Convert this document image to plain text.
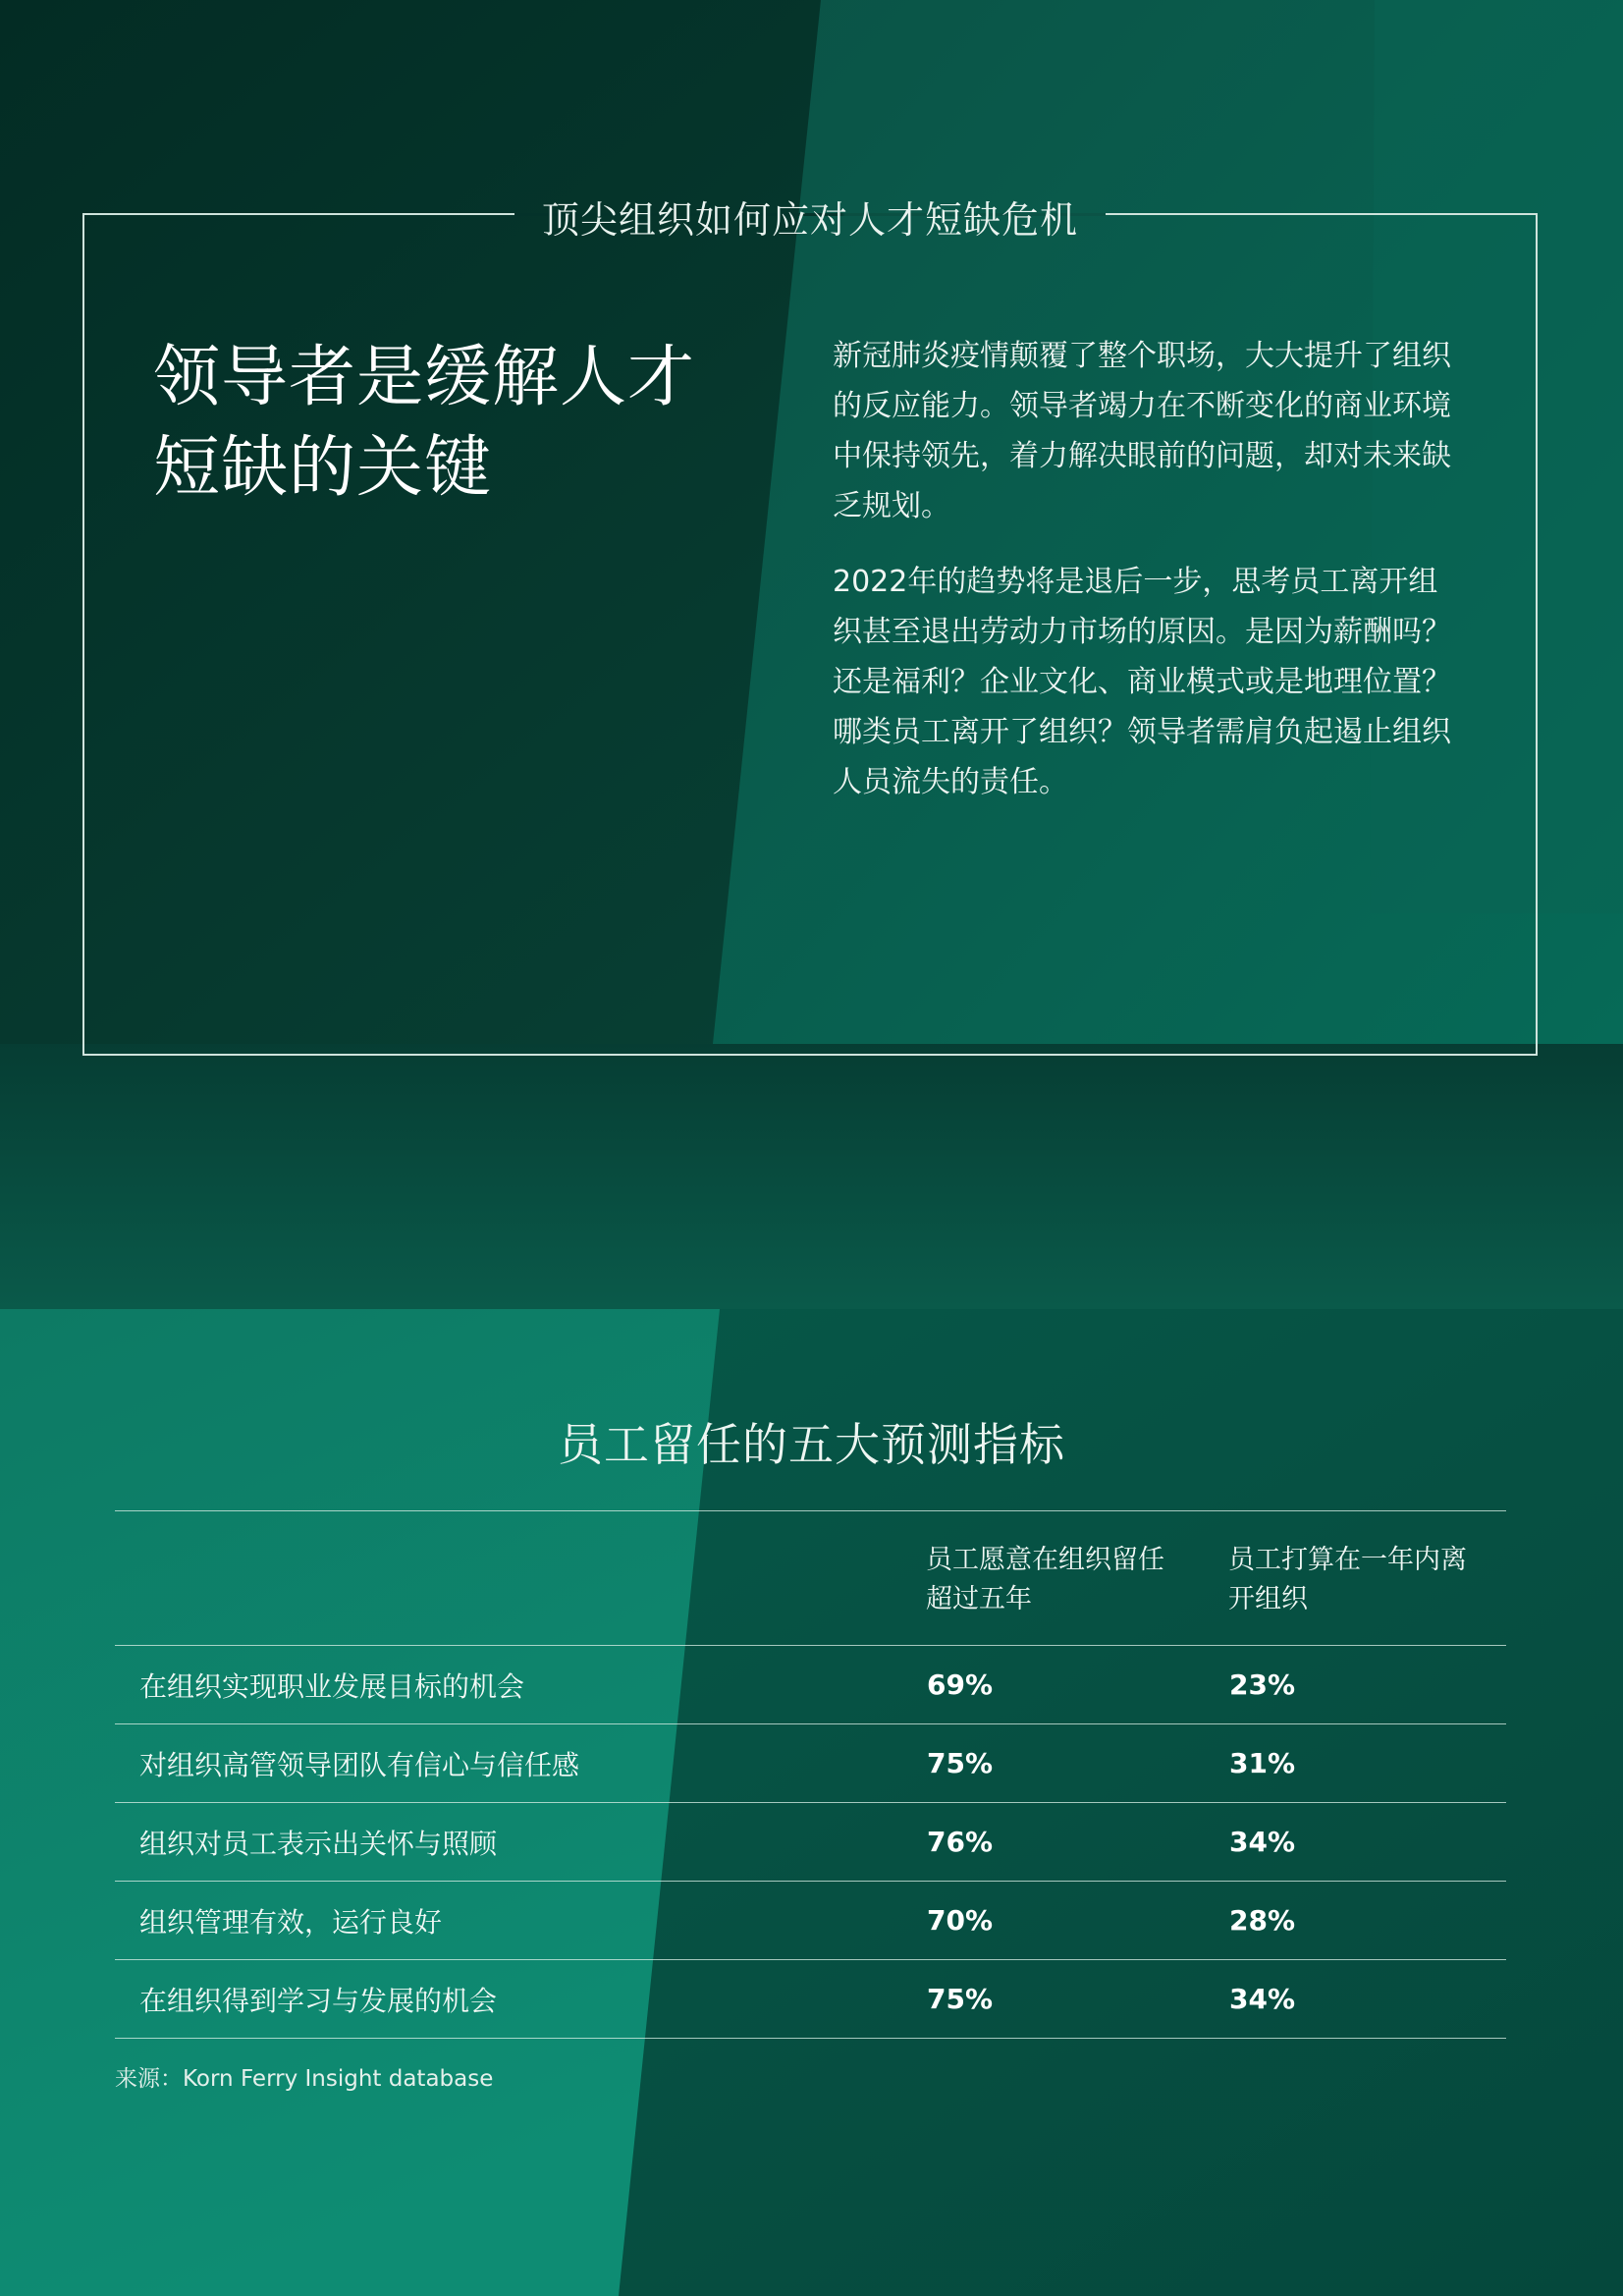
顶尖组织如何应对人才短缺危机
领导者是缓解人才短缺的关键

新冠肺炎疫情颠覆了整个职场，大大提升了组织的反应能力。领导者竭力在不断变化的商业环境中保持领先，着力解决眼前的问题，却对未来缺乏规划。

2022年的趋势将是退后一步，思考员工离开组织甚至退出劳动力市场的原因。是因为薪酬吗？还是福利？企业文化、商业模式或是地理位置？哪类员工离开了组织？领导者需肩负起遏止组织人员流失的责任。

员工留任的五大预测指标

	员工愿意在组织留任超过五年	员工打算在一年内离开组织

在组织实现职业发展目标的机会	69%	23%
对组织高管领导团队有信心与信任感	75%	31%
组织对员工表示出关怀与照顾	76%	34%
组织管理有效，运行良好	70%	28%
在组织得到学习与发展的机会	75%	34%
来源：Korn Ferry Insight database
